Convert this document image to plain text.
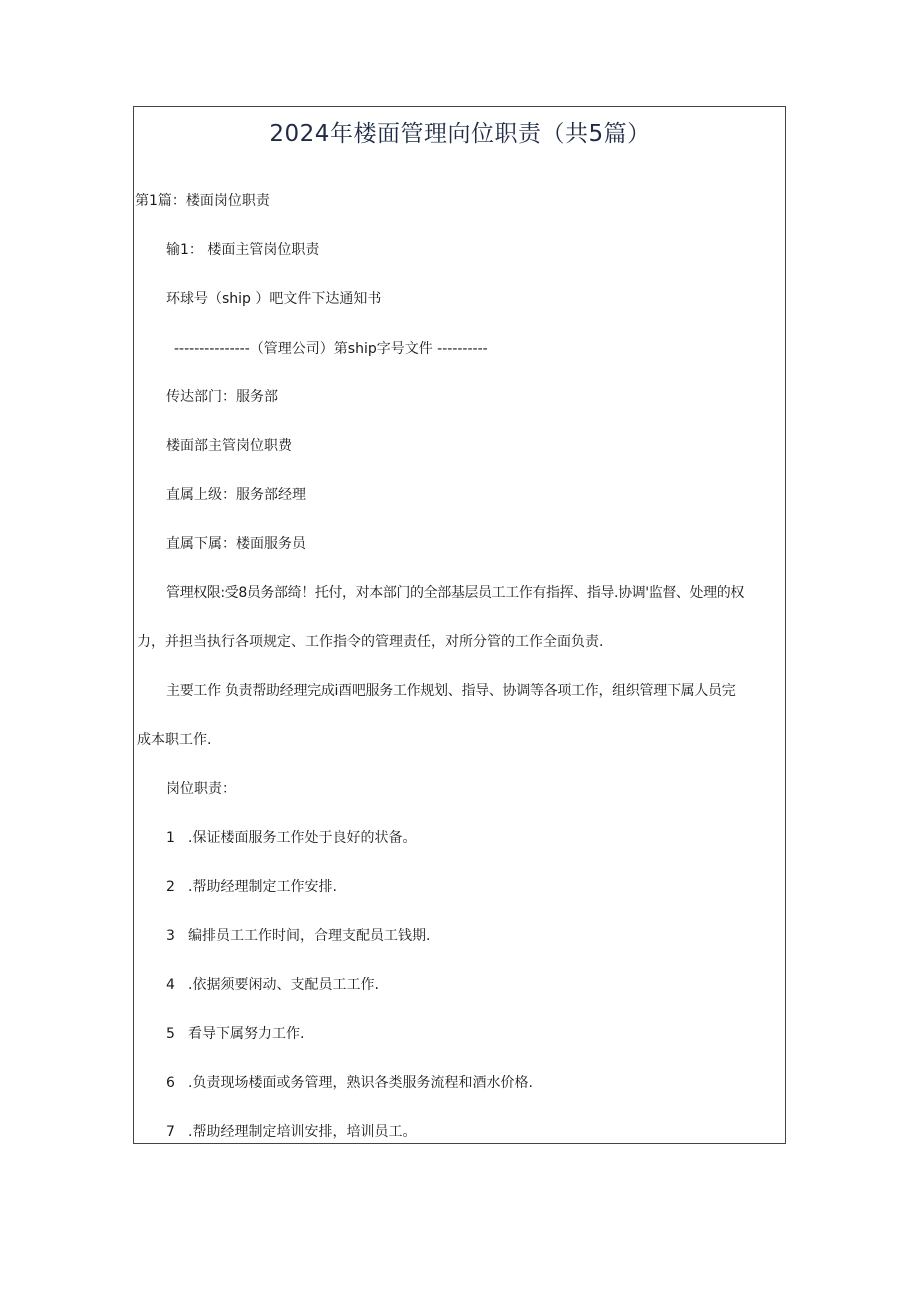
2024年楼面管理向位职责（共5篇）
第1篇：楼面岗位职责
输1： 楼面主管岗位职责
环球号（ship ）吧文件下达通知书
---------------（管理公司）第ship字号文件 ----------
传达部门：服务部
楼面部主管岗位职费
直属上级：服务部经理
直属下属：楼面服务员
管理权限:受8员务部绮！托付，对本部门的全部基层员工工作有指挥、指导.协调'监督、处理的权
力，并担当执行各项规定、工作指令的管理责任，对所分管的工作全面负责.
主要工作 负责帮助经理完成i酉吧服务工作规划、指导、协调等各项工作，组织管理下属人员完
成本职工作.
岗位职责：
1 .保证楼面服务工作处于良好的状备。
2 .帮助经理制定工作安排.
3 编排员工工作时间，合理支配员工钱期.
4 .依据须要闲动、支配员工工作.
5 看导下属努力工作.
6 .负责现场楼面或务管理，熟识各类服务流程和酒水价格.
7 .帮助经理制定培训安排，培训员工。
